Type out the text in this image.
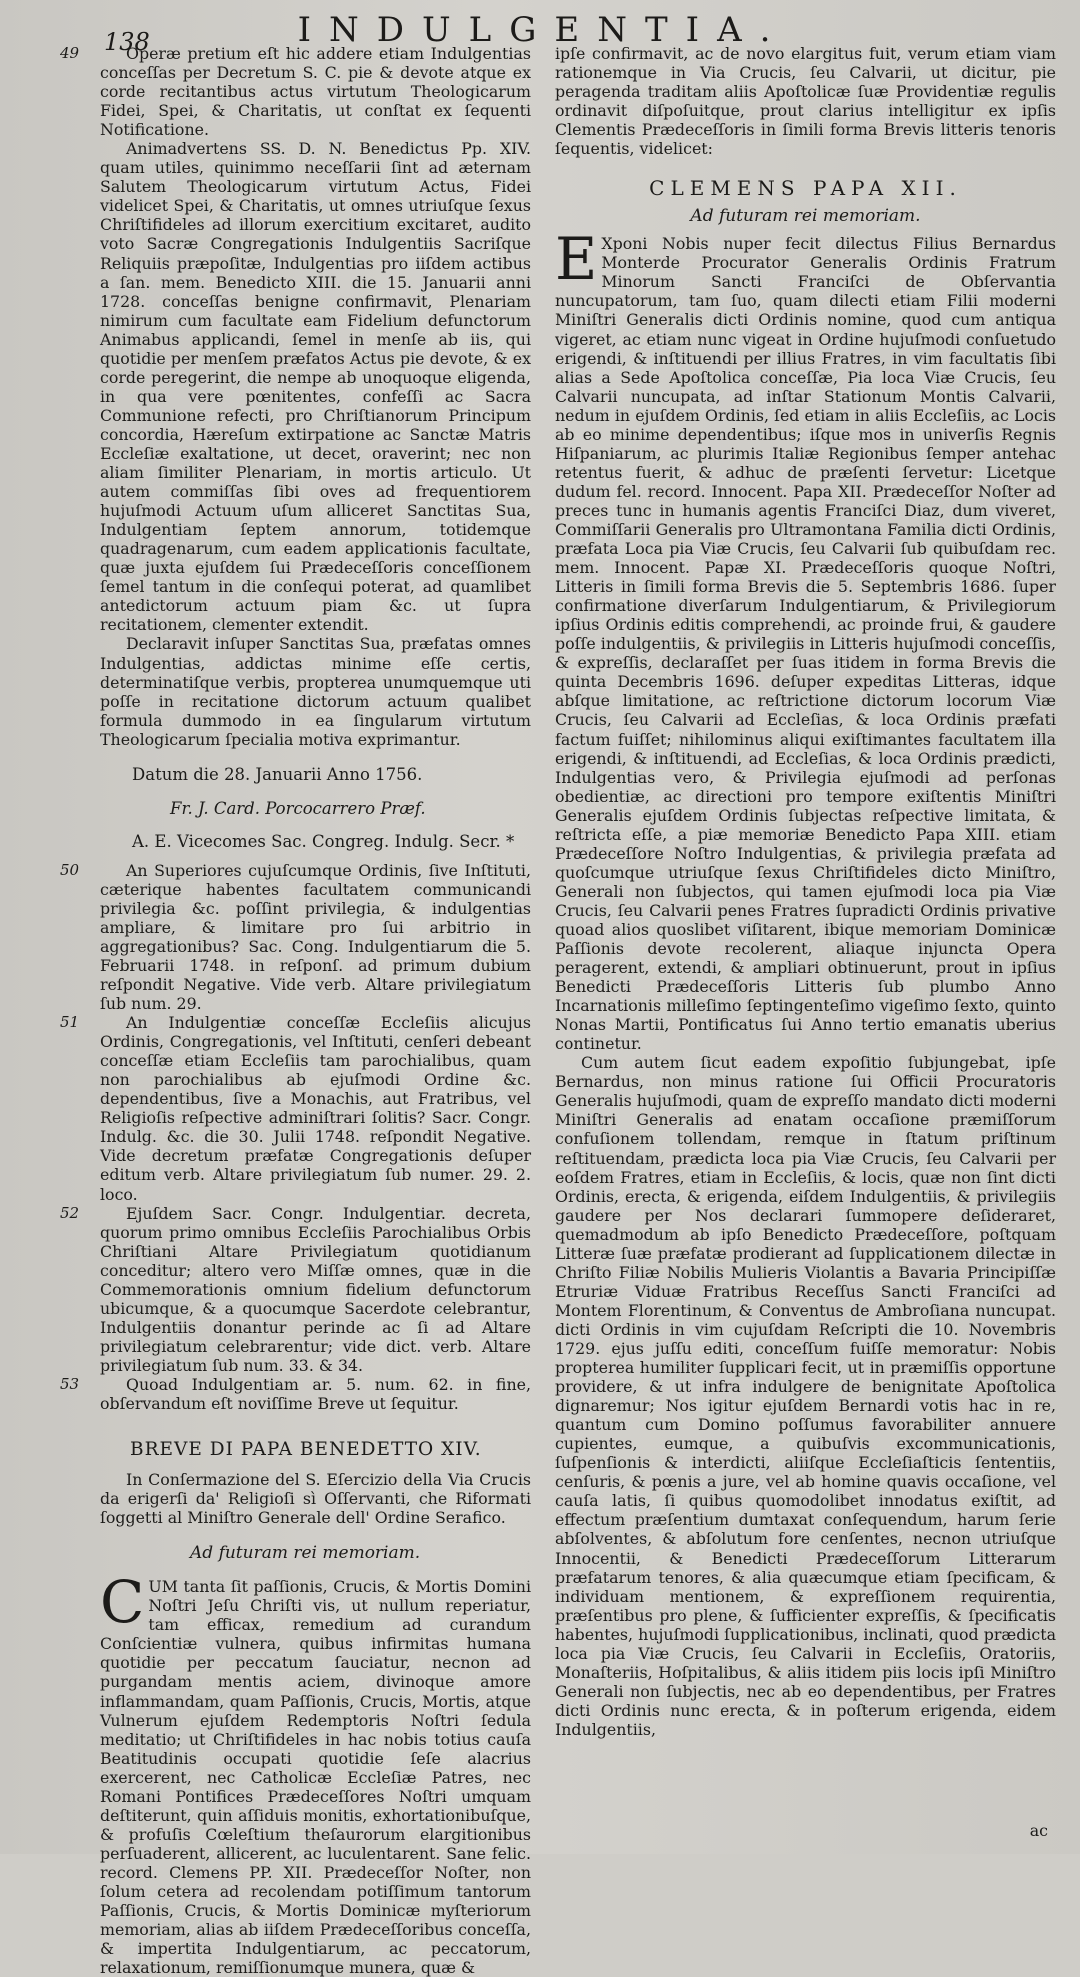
138	INDULGENTIA.
49	Operæ pretium eſt hic addere etiam Indulgentias conceſſas per Decretum S. C. pie & devote atque ex corde recitantibus actus virtutum Theologicarum Fidei, Spei, & Charitatis, ut conſtat ex ſequenti Notificatione.

Animadvertens SS. D. N. Benedictus Pp. XIV. quam utiles, quinimmo neceſſarii ſint ad æternam Salutem Theologicarum virtutum Actus, Fidei videlicet Spei, & Charitatis, ut omnes utriuſque ſexus Chriſtifideles ad illorum exercitium excitaret, audito voto Sacræ Congregationis Indulgentiis Sacriſque Reliquiis præpoſitæ, Indulgentias pro iiſdem actibus a ſan. mem. Benedicto XIII. die 15. Januarii anni 1728. conceſſas benigne confirmavit, Plenariam nimirum cum facultate eam Fidelium defunctorum Animabus applicandi, ſemel in menſe ab iis, qui quotidie per menſem præfatos Actus pie devote, & ex corde peregerint, die nempe ab unoquoque eligenda, in qua vere pœnitentes, confeſſi ac Sacra Communione refecti, pro Chriſtianorum Principum concordia, Hæreſum extirpatione ac Sanctæ Matris Eccleſiæ exaltatione, ut decet, oraverint; nec non aliam ſimiliter Plenariam, in mortis articulo. Ut autem commiſſas ſibi oves ad frequentiorem hujuſmodi Actuum uſum alliceret Sanctitas Sua, Indulgentiam ſeptem annorum, totidemque quadragenarum, cum eadem applicationis facultate, quæ juxta ejuſdem ſui Prædeceſſoris conceſſionem ſemel tantum in die conſequi poterat, ad quamlibet antedictorum actuum piam &c. ut ſupra recitationem, clementer extendit.

Declaravit inſuper Sanctitas Sua, præfatas omnes Indulgentias, addictas minime eſſe certis, determinatiſque verbis, propterea unumquemque uti poſſe in recitatione dictorum actuum qualibet formula dummodo in ea ſingularum virtutum Theologicarum ſpecialia motiva exprimantur.

Datum die 28. Januarii Anno 1756.
Fr. J. Card. Porcocarrero Præf.
A. E. Vicecomes Sac. Congreg. Indulg. Secr. *
50	An Superiores cujuſcumque Ordinis, ſive Inſtituti, cæterique habentes facultatem communicandi privilegia &c. poſſint privilegia, & indulgentias ampliare, & limitare pro ſui arbitrio in aggregationibus? Sac. Cong. Indulgentiarum die 5. Februarii 1748. in reſponſ. ad primum dubium reſpondit Negative. Vide verb. Altare privilegiatum ſub num. 29.

51	An Indulgentiæ conceſſæ Eccleſiis alicujus Ordinis, Congregationis, vel Inſtituti, cenſeri debeant conceſſæ etiam Eccleſiis tam parochialibus, quam non parochialibus ab ejuſmodi Ordine &c. dependentibus, ſive a Monachis, aut Fratribus, vel Religioſis reſpective adminiſtrari ſolitis? Sacr. Congr. Indulg. &c. die 30. Julii 1748. reſpondit Negative. Vide decretum præfatæ Congregationis deſuper editum verb. Altare privilegiatum ſub numer. 29. 2. loco.

52	Ejuſdem Sacr. Congr. Indulgentiar. decreta, quorum primo omnibus Eccleſiis Parochialibus Orbis Chriſtiani Altare Privilegiatum quotidianum conceditur; altero vero Miſſæ omnes, quæ in die Commemorationis omnium fidelium defunctorum ubicumque, & a quocumque Sacerdote celebrantur, Indulgentiis donantur perinde ac ſi ad Altare privilegiatum celebrarentur; vide dict. verb. Altare privilegiatum ſub num. 33. & 34.

53	Quoad Indulgentiam ar. 5. num. 62. in fine, obſervandum eſt noviſſime Breve ut ſequitur.

BREVE DI PAPA BENEDETTO XIV.

In Conſermazione del S. Eſercizio della Via Crucis da erigerſi da' Religioſi sì Oſſervanti, che Riformati ſoggetti al Miniſtro Generale dell' Ordine Serafico.

Ad futuram rei memoriam.
C UM tanta ſit paſſionis, Crucis, & Mortis Domini Noſtri Jeſu Chriſti vis, ut nullum reperiatur, tam efficax, remedium ad curandum Conſcientiæ vulnera, quibus infirmitas humana quotidie per peccatum ſauciatur, necnon ad purgandam mentis aciem, divinoque amore inflammandam, quam Paſſionis, Crucis, Mortis, atque Vulnerum ejuſdem Redemptoris Noſtri ſedula meditatio; ut Chriſtifideles in hac nobis totius cauſa Beatitudinis occupati quotidie ſeſe alacrius exercerent, nec Catholicæ Eccleſiæ Patres, nec Romani Pontifices Prædeceſſores Noſtri umquam deſtiterunt, quin aſſiduis monitis, exhortationibuſque, & profuſis Cœleſtium theſaurorum elargitionibus perſuaderent, allicerent, ac luculentarent. Sane felic. record. Clemens PP. XII. Prædeceſſor Noſter, non ſolum cetera ad recolendam potiſſimum tantorum Paſſionis, Crucis, & Mortis Dominicæ myſteriorum memoriam, alias ab iiſdem Prædeceſſoribus conceſſa, & impertita Indulgentiarum, ac peccatorum, relaxationum, remiſſionumque munera, quæ &

ipſe confirmavit, ac de novo elargitus fuit, verum etiam viam rationemque in Via Crucis, ſeu Calvarii, ut dicitur, pie peragenda traditam aliis Apoſtolicæ ſuæ Providentiæ regulis ordinavit diſpoſuitque, prout clarius intelligitur ex ipſis Clementis Prædeceſſoris in ſimili forma Brevis litteris tenoris ſequentis, videlicet:

CLEMENS PAPA XII.
Ad futuram rei memoriam.
E Xponi Nobis nuper fecit dilectus Filius Bernardus Monterde Procurator Generalis Ordinis Fratrum Minorum Sancti Franciſci de Obſervantia nuncupatorum, tam ſuo, quam dilecti etiam Filii moderni Miniſtri Generalis dicti Ordinis nomine, quod cum antiqua vigeret, ac etiam nunc vigeat in Ordine hujuſmodi conſuetudo erigendi, & inſtituendi per illius Fratres, in vim facultatis ſibi alias a Sede Apoſtolica conceſſæ, Pia loca Viæ Crucis, ſeu Calvarii nuncupata, ad inſtar Stationum Montis Calvarii, nedum in ejuſdem Ordinis, ſed etiam in aliis Eccleſiis, ac Locis ab eo minime dependentibus; iſque mos in univerſis Regnis Hiſpaniarum, ac plurimis Italiæ Regionibus ſemper antehac retentus fuerit, & adhuc de præſenti ſervetur: Licetque dudum fel. record. Innocent. Papa XII. Prædeceſſor Noſter ad preces tunc in humanis agentis Franciſci Diaz, dum viveret, Commiſſarii Generalis pro Ultramontana Familia dicti Ordinis, præfata Loca pia Viæ Crucis, ſeu Calvarii ſub quibuſdam rec. mem. Innocent. Papæ XI. Prædeceſſoris quoque Noſtri, Litteris in ſimili forma Brevis die 5. Septembris 1686. ſuper confirmatione diverſarum Indulgentiarum, & Privilegiorum ipſius Ordinis editis comprehendi, ac proinde frui, & gaudere poſſe indulgentiis, & privilegiis in Litteris hujuſmodi conceſſis, & expreſſis, declaraſſet per ſuas itidem in forma Brevis die quinta Decembris 1696. deſuper expeditas Litteras, idque abſque limitatione, ac reſtrictione dictorum locorum Viæ Crucis, ſeu Calvarii ad Eccleſias, & loca Ordinis præfati factum fuiſſet; nihilominus aliqui exiſtimantes facultatem illa erigendi, & inſtituendi, ad Eccleſias, & loca Ordinis prædicti, Indulgentias vero, & Privilegia ejuſmodi ad perſonas obedientiæ, ac directioni pro tempore exiſtentis Miniſtri Generalis ejuſdem Ordinis ſubjectas reſpective limitata, & reſtricta eſſe, a piæ memoriæ Benedicto Papa XIII. etiam Prædeceſſore Noſtro Indulgentias, & privilegia præfata ad quoſcumque utriuſque ſexus Chriſtifideles dicto Miniſtro, Generali non ſubjectos, qui tamen ejuſmodi loca pia Viæ Crucis, ſeu Calvarii penes Fratres ſupradicti Ordinis privative quoad alios quoslibet viſitarent, ibique memoriam Dominicæ Paſſionis devote recolerent, aliaque injuncta Opera peragerent, extendi, & ampliari obtinuerunt, prout in ipſius Benedicti Prædeceſſoris Litteris ſub plumbo Anno Incarnationis milleſimo ſeptingenteſimo vigeſimo ſexto, quinto Nonas Martii, Pontificatus ſui Anno tertio emanatis uberius continetur.

Cum autem ſicut eadem expoſitio ſubjungebat, ipſe Bernardus, non minus ratione ſui Officii Procuratoris Generalis hujuſmodi, quam de expreſſo mandato dicti moderni Miniſtri Generalis ad enatam occaſione præmiſſorum confuſionem tollendam, remque in ſtatum priſtinum reſtituendam, prædicta loca pia Viæ Crucis, ſeu Calvarii per eoſdem Fratres, etiam in Eccleſiis, & locis, quæ non ſint dicti Ordinis, erecta, & erigenda, eiſdem Indulgentiis, & privilegiis gaudere per Nos declarari ſummopere deſideraret, quemadmodum ab ipſo Benedicto Prædeceſſore, poſtquam Litteræ ſuæ præfatæ prodierant ad ſupplicationem dilectæ in Chriſto Filiæ Nobilis Mulieris Violantis a Bavaria Principiſſæ Etruriæ Viduæ Fratribus Receſſus Sancti Franciſci ad Montem Florentinum, & Conventus de Ambroſiana nuncupat. dicti Ordinis in vim cujuſdam Reſcripti die 10. Novembris 1729. ejus juſſu editi, conceſſum fuiſſe memoratur: Nobis propterea humiliter ſupplicari fecit, ut in præmiſſis opportune providere, & ut infra indulgere de benignitate Apoſtolica dignaremur; Nos igitur ejuſdem Bernardi votis hac in re, quantum cum Domino poſſumus favorabiliter annuere cupientes, eumque, a quibuſvis excommunicationis, ſuſpenſionis & interdicti, aliiſque Eccleſiaſticis ſententiis, cenſuris, & pœnis a jure, vel ab homine quavis occaſione, vel cauſa latis, ſi quibus quomodolibet innodatus exiſtit, ad effectum præſentium dumtaxat conſequendum, harum ſerie abſolventes, & abſolutum fore cenſentes, necnon utriuſque Innocentii, & Benedicti Prædeceſſorum Litterarum præfatarum tenores, & alia quæcumque etiam ſpecificam, & individuam mentionem, & expreſſionem requirentia, præſentibus pro plene, & ſufficienter expreſſis, & ſpecificatis habentes, hujuſmodi ſupplicationibus, inclinati, quod prædicta loca pia Viæ Crucis, ſeu Calvarii in Eccleſiis, Oratoriis, Monaſteriis, Hoſpitalibus, & aliis itidem piis locis ipſi Miniſtro Generali non ſubjectis, nec ab eo dependentibus, per Fratres dicti Ordinis nunc erecta, & in poſterum erigenda, eidem Indulgentiis,

ac
